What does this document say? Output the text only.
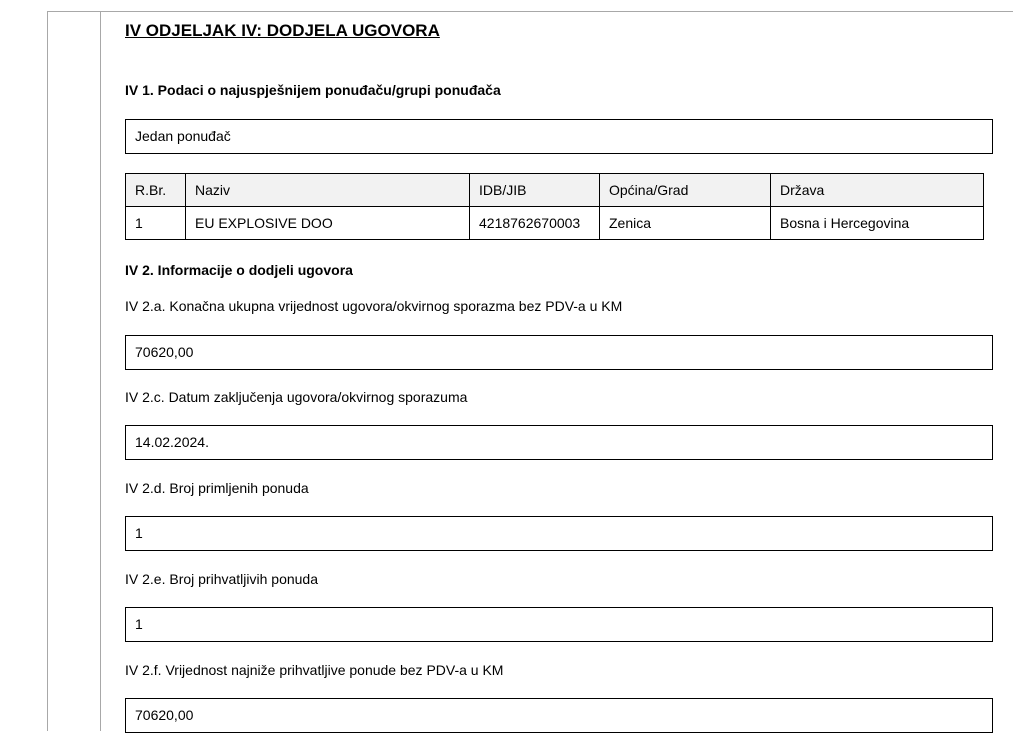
IV ODJELJAK IV: DODJELA UGOVORA
IV 1. Podaci o najuspješnijem ponuđaču/grupi ponuđača
Jedan ponuđač
R.Br.	Naziv	IDB/JIB	Općina/Grad	Država
1	EU EXPLOSIVE DOO	4218762670003	Zenica	Bosna i Hercegovina
IV 2. Informacije o dodjeli ugovora
IV 2.a. Konačna ukupna vrijednost ugovora/okvirnog sporazma bez PDV-a u KM
70620,00
IV 2.c. Datum zaključenja ugovora/okvirnog sporazuma
14.02.2024.
IV 2.d. Broj primljenih ponuda
1
IV 2.e. Broj prihvatljivih ponuda
1
IV 2.f. Vrijednost najniže prihvatljive ponude bez PDV-a u KM
70620,00
